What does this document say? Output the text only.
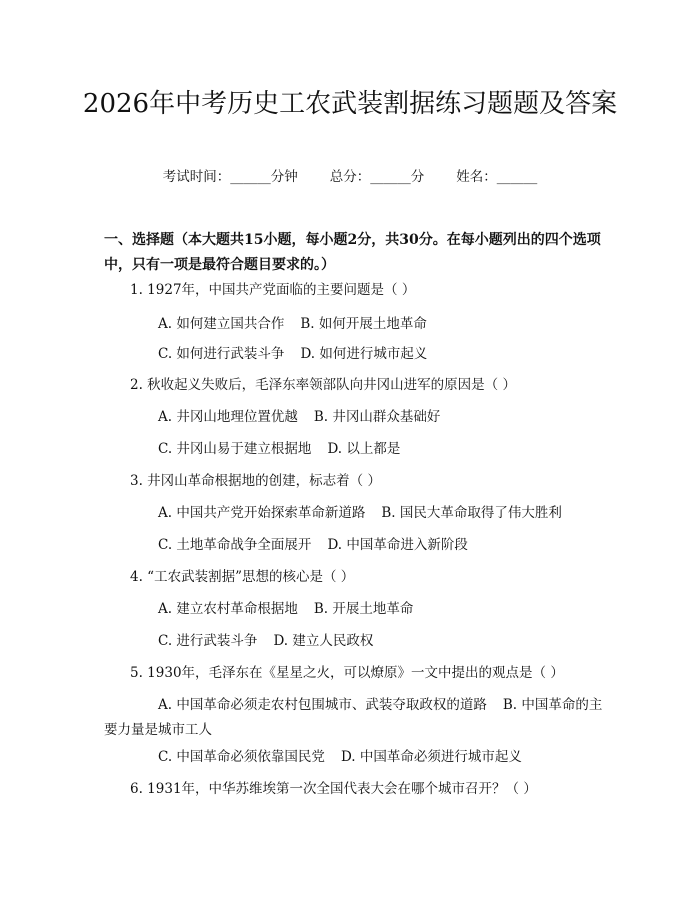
2026年中考历史工农武装割据练习题题及答案
考试时间：______分钟 总分：______分 姓名：______
一、选择题（本大题共15小题，每小题2分，共30分。在每小题列出的四个选项中，只有一项是最符合题目要求的。）
1. 1927年，中国共产党面临的主要问题是（ ）
A. 如何建立国共合作 B. 如何开展土地革命
C. 如何进行武装斗争 D. 如何进行城市起义
2. 秋收起义失败后，毛泽东率领部队向井冈山进军的原因是（ ）
A. 井冈山地理位置优越 B. 井冈山群众基础好
C. 井冈山易于建立根据地 D. 以上都是
3. 井冈山革命根据地的创建，标志着（ ）
A. 中国共产党开始探索革命新道路 B. 国民大革命取得了伟大胜利
C. 土地革命战争全面展开 D. 中国革命进入新阶段
4. “工农武装割据”思想的核心是（ ）
A. 建立农村革命根据地 B. 开展土地革命
C. 进行武装斗争 D. 建立人民政权
5. 1930年，毛泽东在《星星之火，可以燎原》一文中提出的观点是（ ）
A. 中国革命必须走农村包围城市、武装夺取政权的道路 B. 中国革命的主要力量是城市工人
C. 中国革命必须依靠国民党 D. 中国革命必须进行城市起义
6. 1931年，中华苏维埃第一次全国代表大会在哪个城市召开？（ ）
